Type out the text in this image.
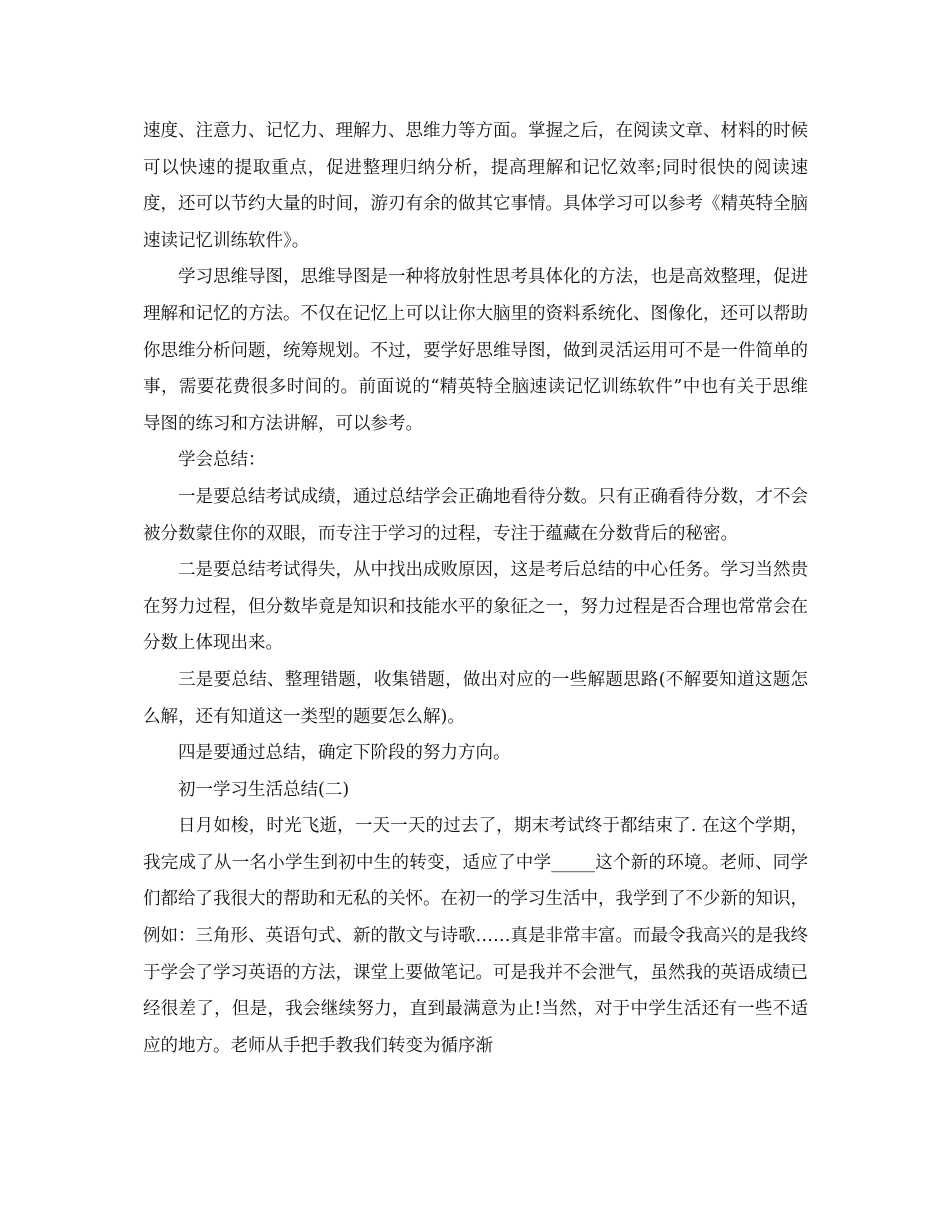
速度、注意力、记忆力、理解力、思维力等方面。掌握之后，在阅读文章、材料的时候可以快速的提取重点，促进整理归纳分析，提高理解和记忆效率;同时很快的阅读速度，还可以节约大量的时间，游刃有余的做其它事情。具体学习可以参考《精英特全脑速读记忆训练软件》。

学习思维导图，思维导图是一种将放射性思考具体化的方法，也是高效整理，促进理解和记忆的方法。不仅在记忆上可以让你大脑里的资料系统化、图像化，还可以帮助你思维分析问题，统筹规划。不过，要学好思维导图，做到灵活运用可不是一件简单的事，需要花费很多时间的。前面说的“精英特全脑速读记忆训练软件”中也有关于思维导图的练习和方法讲解，可以参考。

学会总结：

一是要总结考试成绩，通过总结学会正确地看待分数。只有正确看待分数，才不会被分数蒙住你的双眼，而专注于学习的过程，专注于蕴藏在分数背后的秘密。

二是要总结考试得失，从中找出成败原因，这是考后总结的中心任务。学习当然贵在努力过程，但分数毕竟是知识和技能水平的象征之一，努力过程是否合理也常常会在分数上体现出来。

三是要总结、整理错题，收集错题，做出对应的一些解题思路(不解要知道这题怎么解，还有知道这一类型的题要怎么解)。

四是要通过总结，确定下阶段的努力方向。

初一学习生活总结(二)

日月如梭，时光飞逝，一天一天的过去了，期末考试终于都结束了. 在这个学期，我完成了从一名小学生到初中生的转变，适应了中学_____这个新的环境。老师、同学们都给了我很大的帮助和无私的关怀。在初一的学习生活中，我学到了不少新的知识，例如：三角形、英语句式、新的散文与诗歌……真是非常丰富。而最令我高兴的是我终于学会了学习英语的方法，课堂上要做笔记。可是我并不会泄气，虽然我的英语成绩已经很差了，但是，我会继续努力，直到最满意为止!当然，对于中学生活还有一些不适应的地方。老师从手把手教我们转变为循序渐
